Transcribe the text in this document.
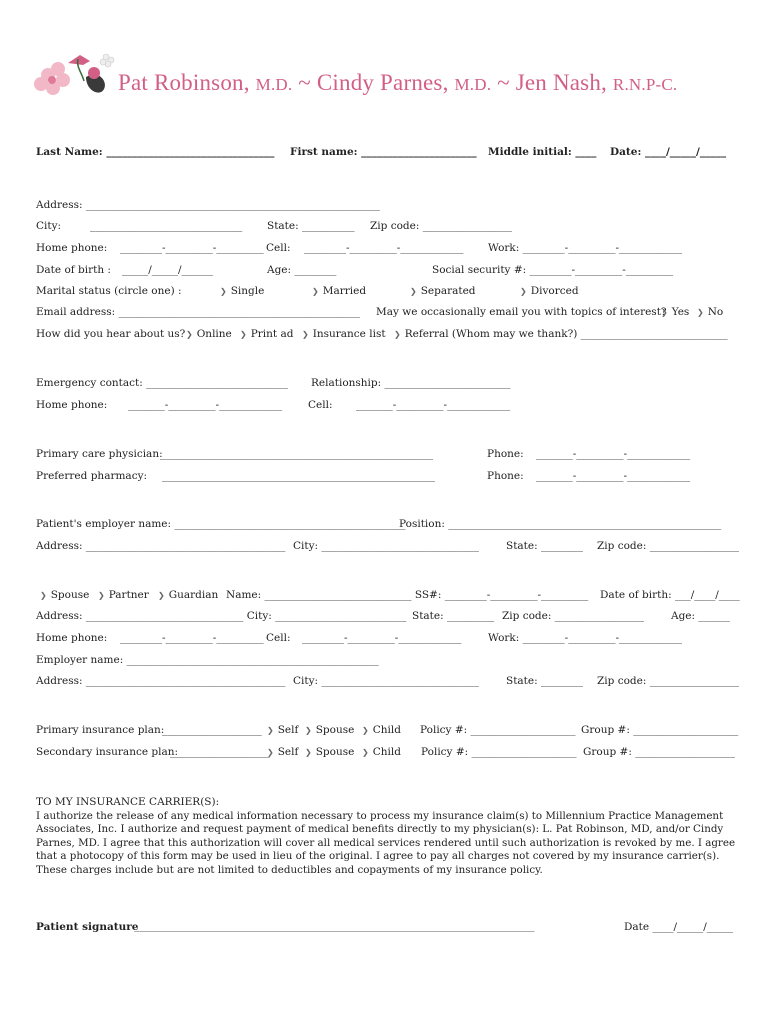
Pat Robinson, M.D. ~ Cindy Parnes, M.D. ~ Jen Nash, R.N.P-C.
Last Name: ________________________________ First name: ______________________ Middle initial: ____ Date: ____/_____/_____
Address: ________________________________________________________
City:	_____________________________ State: __________ Zip code: _________________
Home phone: ________-_________-_________ Cell: ________-_________-____________ Work: ________-_________-____________
Date of birth : _____/_____/______	Age: ________	Social security #: ________-_________-_________
Marital status (circle one) :	❯ Single	❯ Married	❯ Separated	❯ Divorced
Email address: ______________________________________________ May we occasionally email you with topics of interest? ❯ Yes	❯ No
How did you hear about us?	❯ Online	❯ Print ad	❯ Insurance list	❯ Referral (Whom may we thank?) ____________________________
Emergency contact: ___________________________ Relationship: ________________________
Home phone: _______-_________-____________ Cell: _______-_________-____________
Primary care physician:
____________________________________________________	Phone: _______-_________-____________
Preferred pharmacy: ____________________________________________________	Phone: _______-_________-____________
Patient's employer name: ____________________________________________
Position: ____________________________________________________
Address: ______________________________________ City: ______________________________	State: ________ Zip code: _________________
❯ Spouse	❯ Partner	❯ Guardian Name: ____________________________ SS#: ________-_________-_________ Date of birth: ___/____/____
Address: ______________________________ City: _________________________ State: _________ Zip code: _________________	Age: ______
Home phone: ________-_________-_________ Cell: ________-_________-____________	Work: ________-_________-____________
Employer name: ________________________________________________
Address: ______________________________________ City: ______________________________	State: ________ Zip code: _________________
Primary insurance plan:
___________________	❯ Self	❯ Spouse	❯ Child Policy #: ____________________ Group #: ____________________
Secondary insurance plan:
___________________ ❯ Self	❯ Spouse	❯ Child Policy #: ____________________ Group #: ___________________
TO MY INSURANCE CARRIER(S):
I authorize the release of any medical information necessary to process my insurance claim(s) to Millennium Practice Management Associates, Inc. I authorize and request payment of medical benefits directly to my physician(s): L. Pat Robinson, MD, and/or Cindy Parnes, MD. I agree that this authorization will cover all medical services rendered until such authorization is revoked by me. I agree that a photocopy of this form may be used in lieu of the original. I agree to pay all charges not covered by my insurance carrier(s). These charges include but are not limited to deductibles and copayments of my insurance policy.
Patient signature
_________________________________________________________________________________________	Date ____/_____/_____
